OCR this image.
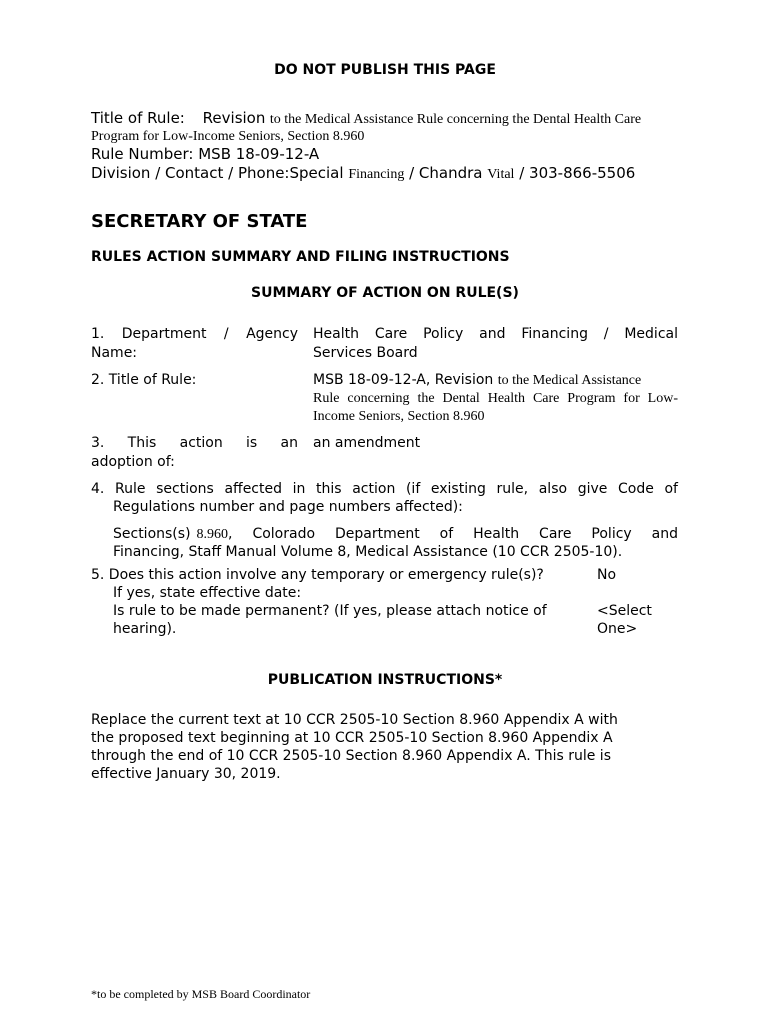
DO NOT PUBLISH THIS PAGE
Title of Rule: Revision to the Medical Assistance Rule concerning the Dental Health Care
Program for Low-Income Seniors, Section 8.960
Rule Number: MSB 18-09-12-A
Division / Contact / Phone:Special Financing / Chandra Vital / 303-866-5506
SECRETARY OF STATE
RULES ACTION SUMMARY AND FILING INSTRUCTIONS
SUMMARY OF ACTION ON RULE(S)
1. Department / Agency
Name:
Health Care Policy and Financing / Medical
Services Board
2. Title of Rule:	MSB 18-09-12-A, Revision to the Medical Assistance
Rule concerning the Dental Health Care Program for Low-
Income Seniors, Section 8.960
3. This action is an
adoption of:
an amendment
4. Rule sections affected in this action (if existing rule, also give Code of
Regulations number and page numbers affected):
Sections(s) 8.960, Colorado Department of Health Care Policy and
Financing, Staff Manual Volume 8, Medical Assistance (10 CCR 2505-10).
5. Does this action involve any temporary or emergency rule(s)?	No
If yes, state effective date:
Is rule to be made permanent? (If yes, please attach notice of
hearing).
<Select
One>
PUBLICATION INSTRUCTIONS*
Replace the current text at 10 CCR 2505-10 Section 8.960 Appendix A with
the proposed text beginning at 10 CCR 2505-10 Section 8.960 Appendix A
through the end of 10 CCR 2505-10 Section 8.960 Appendix A. This rule is
effective January 30, 2019.
*to be completed by MSB Board Coordinator
